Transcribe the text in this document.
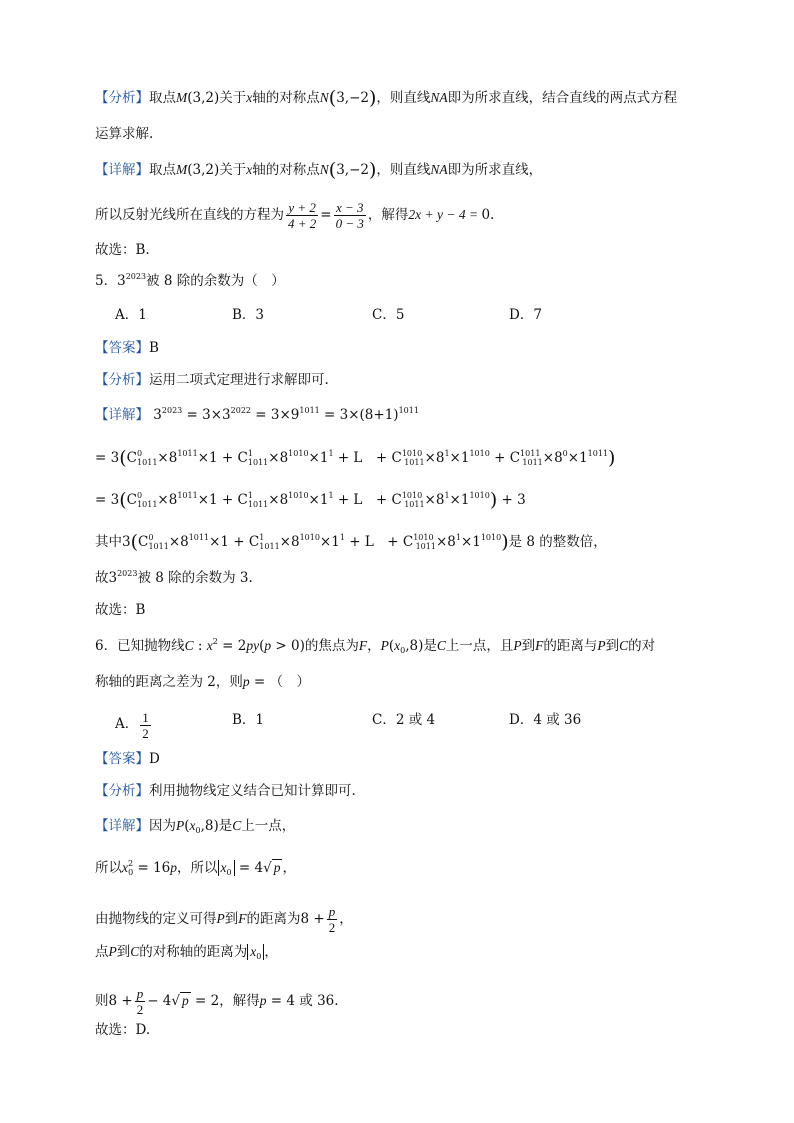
【分析】取点M(3,2)关于x轴的对称点N(3,−2)，则直线NA即为所求直线，结合直线的两点式方程
运算求解.
【详解】取点M(3,2)关于x轴的对称点N(3,−2)，则直线NA即为所求直线，
所以反射光线所在直线的方程为 $\frac{y + 2}{4 + 2} = \frac{x - 3}{0 - 3}$ ，解得2x + y − 4 = 0.
故选：B.
5．$3^{2023}$被 8 除的余数为（　）
A．1	B．3	C．5	D．7
【答案】B
【分析】运用二项式定理进行求解即可.
【详解】 $3^{2023} = 3\times 3^{2022} = 3\times 9^{1011} = 3\times(8+1)^{1011}$
= $3(C^0_{1011}\times 8^{1011}\times 1 + C^1_{1011}\times 8^{1010}\times 1^1 + L$　+ $C^{1010}_{1011}\times 8^1\times 1^{1010} + C^{1011}_{1011}\times 8^0\times 1^{1011}$)
= $3(C^0_{1011}\times 8^{1011}\times 1 + C^1_{1011}\times 8^{1010}\times 1^1 + L$　+ $C^{1010}_{1011}\times 8^1\times 1^{1010}) + 3$
其中$3(C^0_{1011}\times 8^{1011}\times 1 + C^1_{1011}\times 8^{1010}\times 1^1 + L$　+ $C^{1010}_{1011}\times 8^1\times 1^{1010}$)是 8 的整数倍，
故$3^{2023}$被 8 除的余数为 3.
故选：B
6．已知抛物线C : $x^2 = 2py(p > 0)$的焦点为F，$P(x_0,8)$是C上一点，且P到F的距离与P到C的对
称轴的距离之差为 2，则p = （　）
A． $\frac{1}{2}$	B．1	C．2 或 4	D．4 或 36
【答案】D
【分析】利用抛物线定义结合已知计算即可.
【详解】因为$P(x_0,8)$是C上一点，
所以$x^2_0 = 16p$，所以 $x_0 = 4√$ p ，
由抛物线的定义可得P到F的距离为$8 + \frac{p}{2}$ ，
点P到C的对称轴的距离为 $x_0$ ，
则$8 + \frac{p}{2} - 4√$ p = 2，解得p = 4 或 36.
故选：D.
